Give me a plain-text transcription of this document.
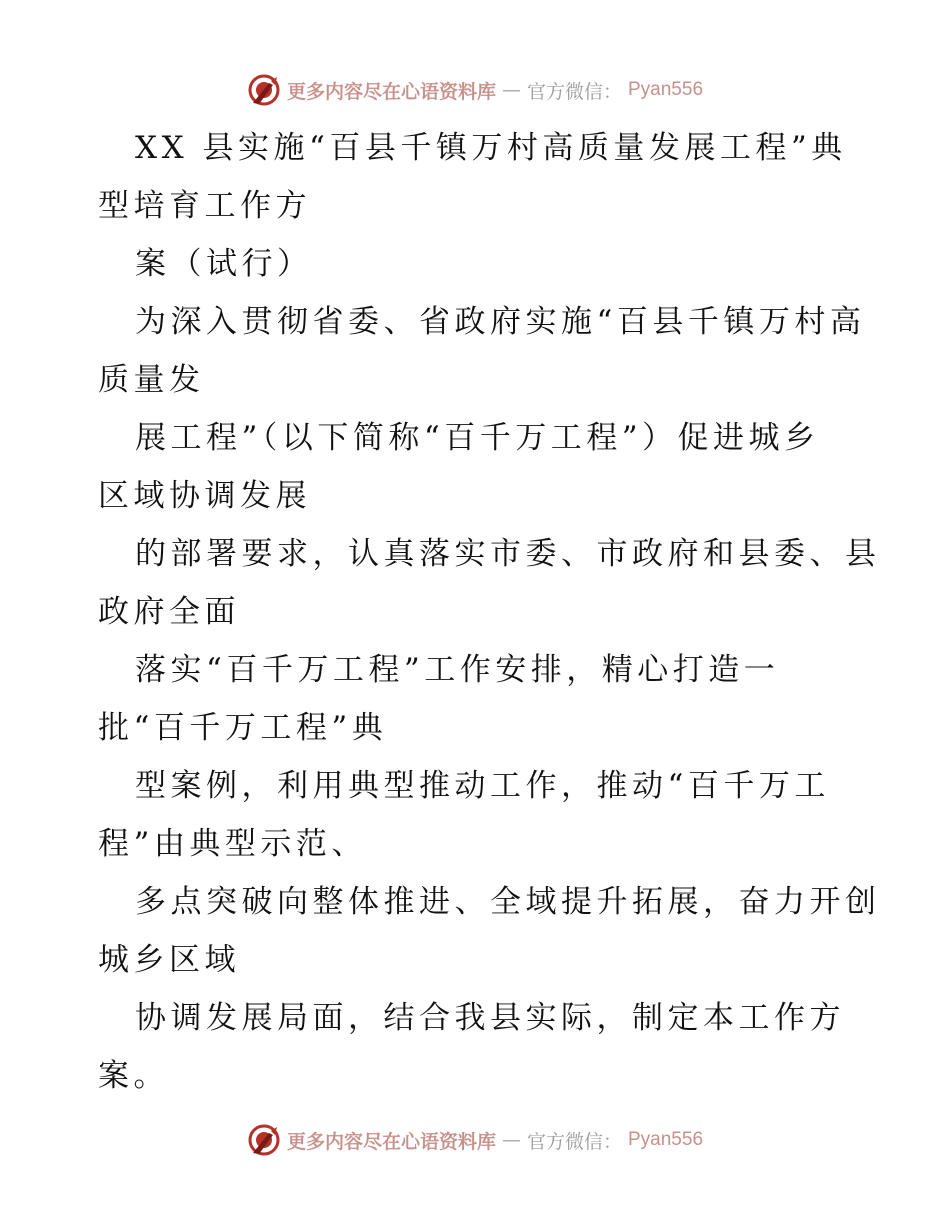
更多内容尽在心语资料库 — 官方微信： Pyan556
XX 县实施“百县千镇万村高质量发展工程”典
型培育工作方
案（试行）
为深入贯彻省委、省政府实施“百县千镇万村高
质量发
展工程”（以下简称“百千万工程”）促进城乡
区域协调发展
的部署要求，认真落实市委、市政府和县委、县
政府全面
落实“百千万工程”工作安排，精心打造一
批“百千万工程”典
型案例，利用典型推动工作，推动“百千万工
程”由典型示范、
多点突破向整体推进、全域提升拓展，奋力开创
城乡区域
协调发展局面，结合我县实际，制定本工作方
案。
更多内容尽在心语资料库 — 官方微信： Pyan556
